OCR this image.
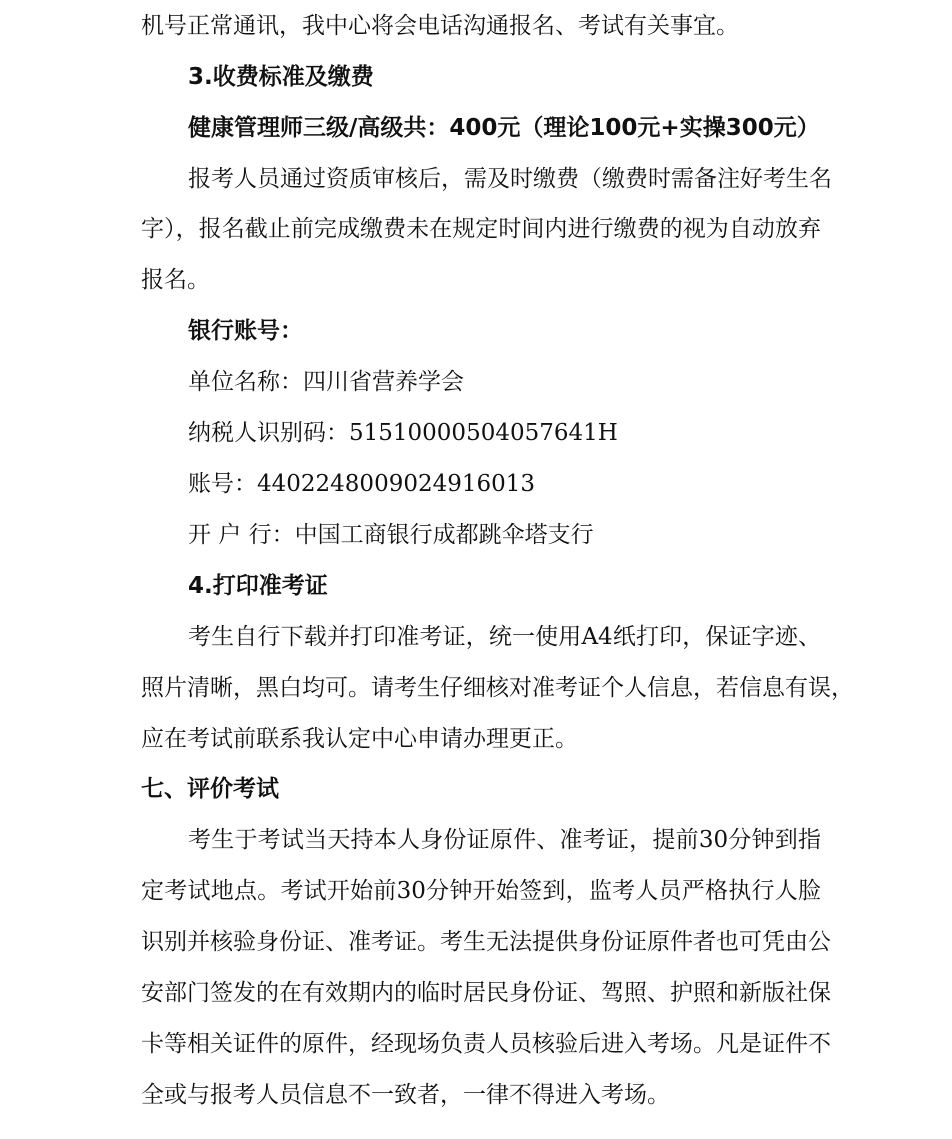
机号正常通讯，我中心将会电话沟通报名、考试有关事宜。
3.收费标准及缴费
健康管理师三级/高级共：400元（理论100元+实操300元）
报考人员通过资质审核后，需及时缴费（缴费时需备注好考生名
字），报名截止前完成缴费未在规定时间内进行缴费的视为自动放弃
报名。
银行账号：
单位名称：四川省营养学会
纳税人识别码：51510000504057641H
账号：4402248009024916013
开 户 行：中国工商银行成都跳伞塔支行
4.打印准考证
考生自行下载并打印准考证，统一使用A4纸打印，保证字迹、
照片清晰，黑白均可。请考生仔细核对准考证个人信息，若信息有误，
应在考试前联系我认定中心申请办理更正。
七、评价考试
考生于考试当天持本人身份证原件、准考证，提前30分钟到指
定考试地点。考试开始前30分钟开始签到，监考人员严格执行人脸
识别并核验身份证、准考证。考生无法提供身份证原件者也可凭由公
安部门签发的在有效期内的临时居民身份证、驾照、护照和新版社保
卡等相关证件的原件，经现场负责人员核验后进入考场。凡是证件不
全或与报考人员信息不一致者，一律不得进入考场。
